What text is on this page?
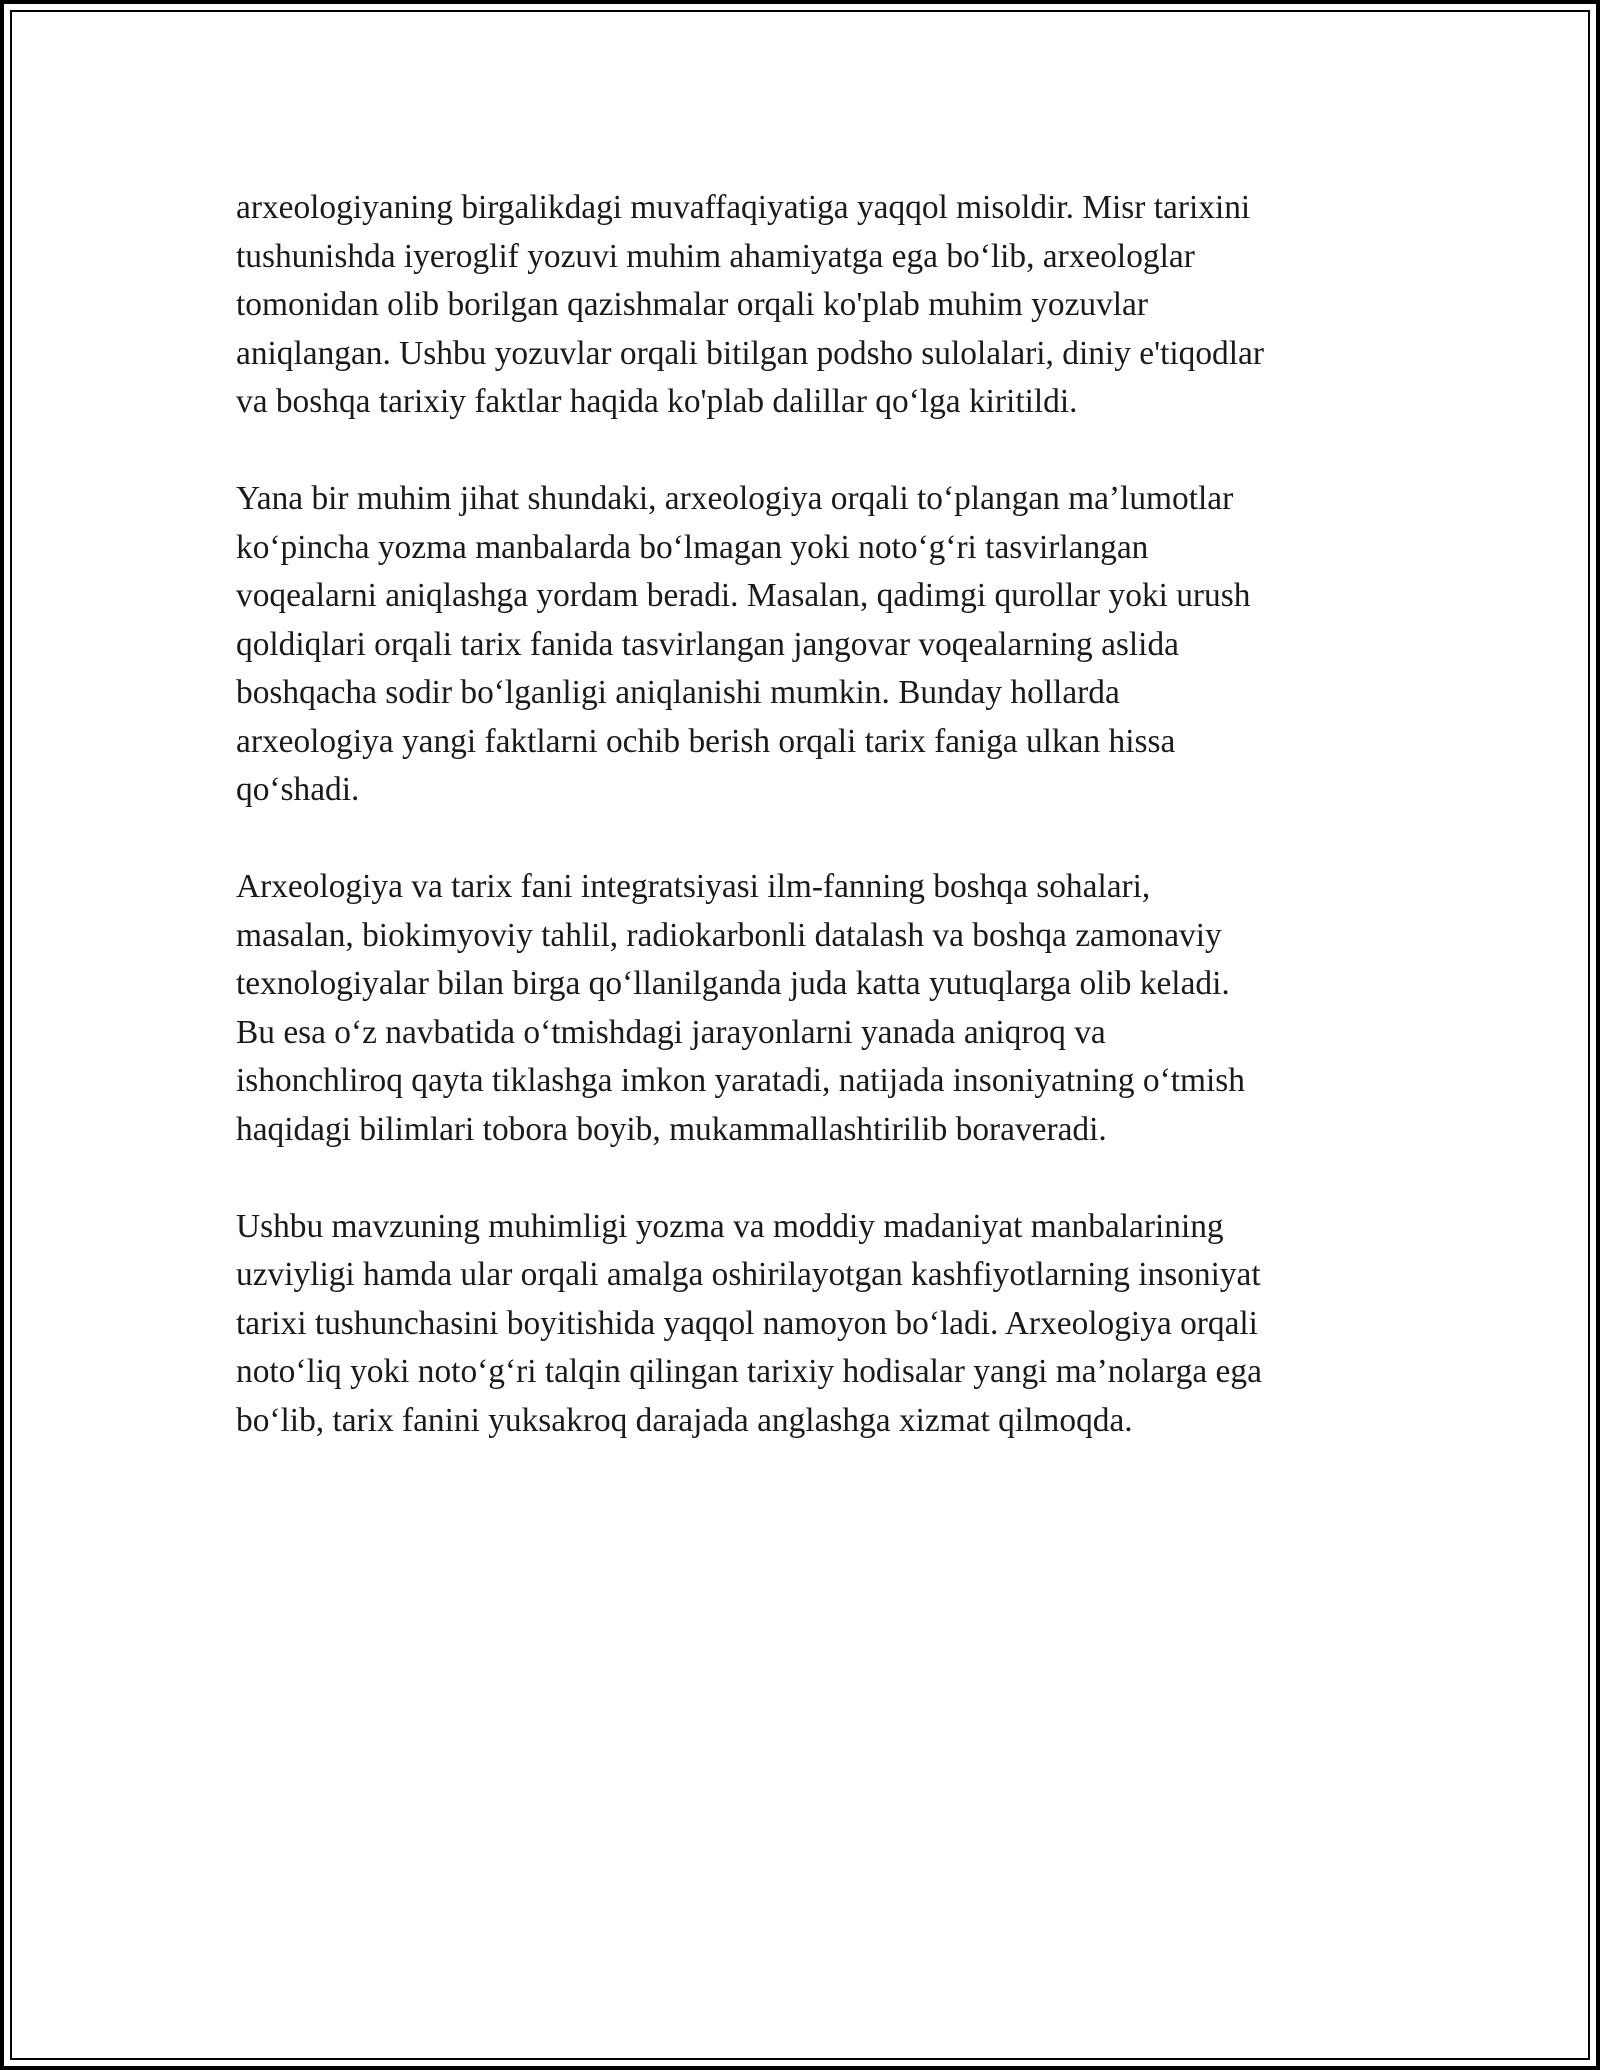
arxeologiyaning birgalikdagi muvaffaqiyatiga yaqqol misoldir. Misr tarixini
tushunishda iyeroglif yozuvi muhim ahamiyatga ega bo‘lib, arxeologlar
tomonidan olib borilgan qazishmalar orqali ko'plab muhim yozuvlar
aniqlangan. Ushbu yozuvlar orqali bitilgan podsho sulolalari, diniy e'tiqodlar
va boshqa tarixiy faktlar haqida ko'plab dalillar qo‘lga kiritildi.

Yana bir muhim jihat shundaki, arxeologiya orqali to‘plangan ma’lumotlar
ko‘pincha yozma manbalarda bo‘lmagan yoki noto‘g‘ri tasvirlangan
voqealarni aniqlashga yordam beradi. Masalan, qadimgi qurollar yoki urush
qoldiqlari orqali tarix fanida tasvirlangan jangovar voqealarning aslida
boshqacha sodir bo‘lganligi aniqlanishi mumkin. Bunday hollarda
arxeologiya yangi faktlarni ochib berish orqali tarix faniga ulkan hissa
qo‘shadi.

Arxeologiya va tarix fani integratsiyasi ilm-fanning boshqa sohalari,
masalan, biokimyoviy tahlil, radiokarbonli datalash va boshqa zamonaviy
texnologiyalar bilan birga qo‘llanilganda juda katta yutuqlarga olib keladi.
Bu esa o‘z navbatida o‘tmishdagi jarayonlarni yanada aniqroq va
ishonchliroq qayta tiklashga imkon yaratadi, natijada insoniyatning o‘tmish
haqidagi bilimlari tobora boyib, mukammallashtirilib boraveradi.

Ushbu mavzuning muhimligi yozma va moddiy madaniyat manbalarining
uzviyligi hamda ular orqali amalga oshirilayotgan kashfiyotlarning insoniyat
tarixi tushunchasini boyitishida yaqqol namoyon bo‘ladi. Arxeologiya orqali
noto‘liq yoki noto‘g‘ri talqin qilingan tarixiy hodisalar yangi ma’nolarga ega
bo‘lib, tarix fanini yuksakroq darajada anglashga xizmat qilmoqda.
